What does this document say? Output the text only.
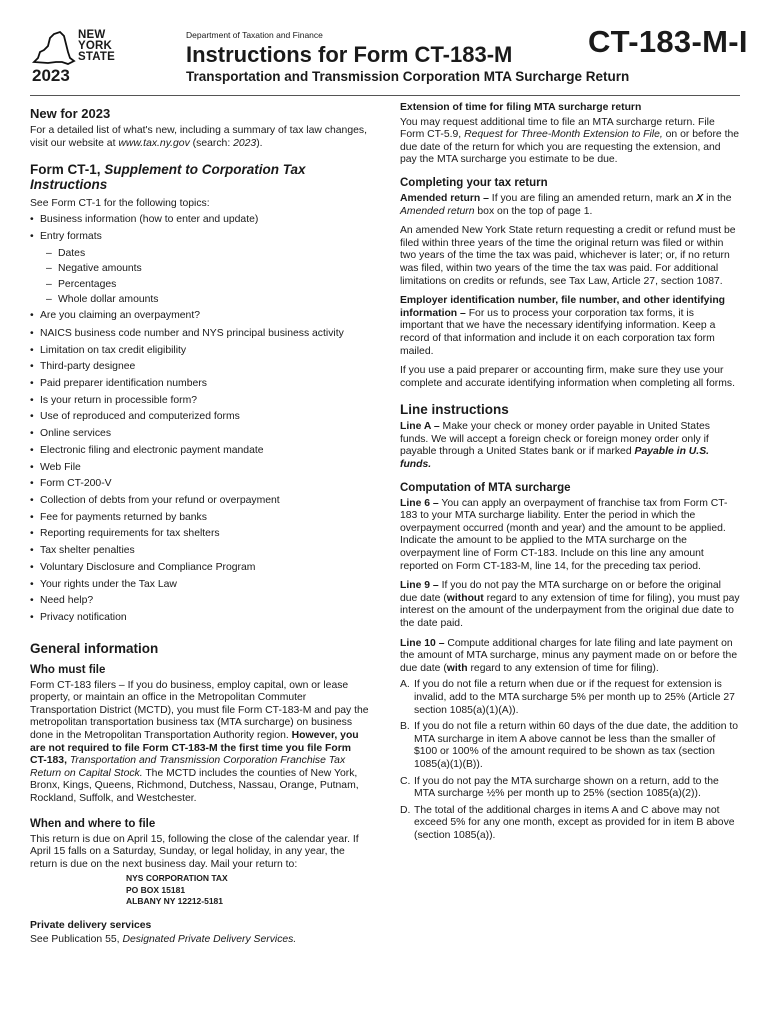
NEW
YORK
STATE
2023
Department of Taxation and Finance
Instructions for Form CT-183-M CT-183-M-I
Transportation and Transmission Corporation MTA Surcharge Return
New for 2023

For a detailed list of what's new, including a summary of tax law changes, visit our website at www.tax.ny.gov (search: 2023).

Form CT-1, Supplement to Corporation Tax Instructions
See Form CT-1 for the following topics:
• Business information (how to enter and update)
• Entry formats
– Dates
– Negative amounts
– Percentages
– Whole dollar amounts
• Are you claiming an overpayment?
• NAICS business code number and NYS principal business activity
• Limitation on tax credit eligibility
• Third-party designee
• Paid preparer identification numbers
• Is your return in processible form?
• Use of reproduced and computerized forms
• Online services
• Electronic filing and electronic payment mandate
• Web File
• Form CT-200-V
• Collection of debts from your refund or overpayment
• Fee for payments returned by banks
• Reporting requirements for tax shelters
• Tax shelter penalties
• Voluntary Disclosure and Compliance Program
• Your rights under the Tax Law
• Need help?
• Privacy notification
General information
Who must file

Form CT-183 filers – If you do business, employ capital, own or lease property, or maintain an office in the Metropolitan Commuter Transportation District (MCTD), you must file Form CT-183-M and pay the metropolitan transportation business tax (MTA surcharge) on business done in the Metropolitan Transportation Authority region. However, you are not required to file Form CT-183-M the first time you file Form CT-183, Transportation and Transmission Corporation Franchise Tax Return on Capital Stock. The MCTD includes the counties of New York, Bronx, Kings, Queens, Richmond, Dutchess, Nassau, Orange, Putnam, Rockland, Suffolk, and Westchester.

When and where to file

This return is due on April 15, following the close of the calendar year. If April 15 falls on a Saturday, Sunday, or legal holiday, in any year, the return is due on the next business day. Mail your return to:

NYS CORPORATION TAX
PO BOX 15181
ALBANY NY 12212-5181
Private delivery services

See Publication 55, Designated Private Delivery Services.

Extension of time for filing MTA surcharge return

You may request additional time to file an MTA surcharge return. File Form CT-5.9, Request for Three-Month Extension to File, on or before the due date of the return for which you are requesting the extension, and pay the MTA surcharge you estimate to be due.

Completing your tax return

Amended return – If you are filing an amended return, mark an X in the Amended return box on the top of page 1.

An amended New York State return requesting a credit or refund must be filed within three years of the time the original return was filed or within two years of the time the tax was paid, whichever is later; or, if no return was filed, within two years of the time the tax was paid. For additional limitations on credits or refunds, see Tax Law, Article 27, section 1087.

Employer identification number, file number, and other identifying information – For us to process your corporation tax forms, it is important that we have the necessary identifying information. Keep a record of that information and include it on each corporation tax form mailed.

If you use a paid preparer or accounting firm, make sure they use your complete and accurate identifying information when completing all forms.

Line instructions

Line A – Make your check or money order payable in United States funds. We will accept a foreign check or foreign money order only if payable through a United States bank or if marked Payable in U.S. funds.

Computation of MTA surcharge

Line 6 – You can apply an overpayment of franchise tax from Form CT-183 to your MTA surcharge liability. Enter the period in which the overpayment occurred (month and year) and the amount to be applied. Indicate the amount to be applied to the MTA surcharge on the overpayment line of Form CT-183. Include on this line any amount reported on Form CT-183-M, line 14, for the preceding tax period.

Line 9 – If you do not pay the MTA surcharge on or before the original due date (without regard to any extension of time for filing), you must pay interest on the amount of the underpayment from the original due date to the date paid.

Line 10 – Compute additional charges for late filing and late payment on the amount of MTA surcharge, minus any payment made on or before the due date (with regard to any extension of time for filing).

A. If you do not file a return when due or if the request for extension is invalid, add to the MTA surcharge 5% per month up to 25% (Article 27 section 1085(a)(1)(A)).
B. If you do not file a return within 60 days of the due date, the addition to MTA surcharge in item A above cannot be less than the smaller of $100 or 100% of the amount required to be shown as tax (section 1085(a)(1)(B)).
C. If you do not pay the MTA surcharge shown on a return, add to the MTA surcharge ½% per month up to 25% (section 1085(a)(2)).
D. The total of the additional charges in items A and C above may not exceed 5% for any one month, except as provided for in item B above (section 1085(a)).
